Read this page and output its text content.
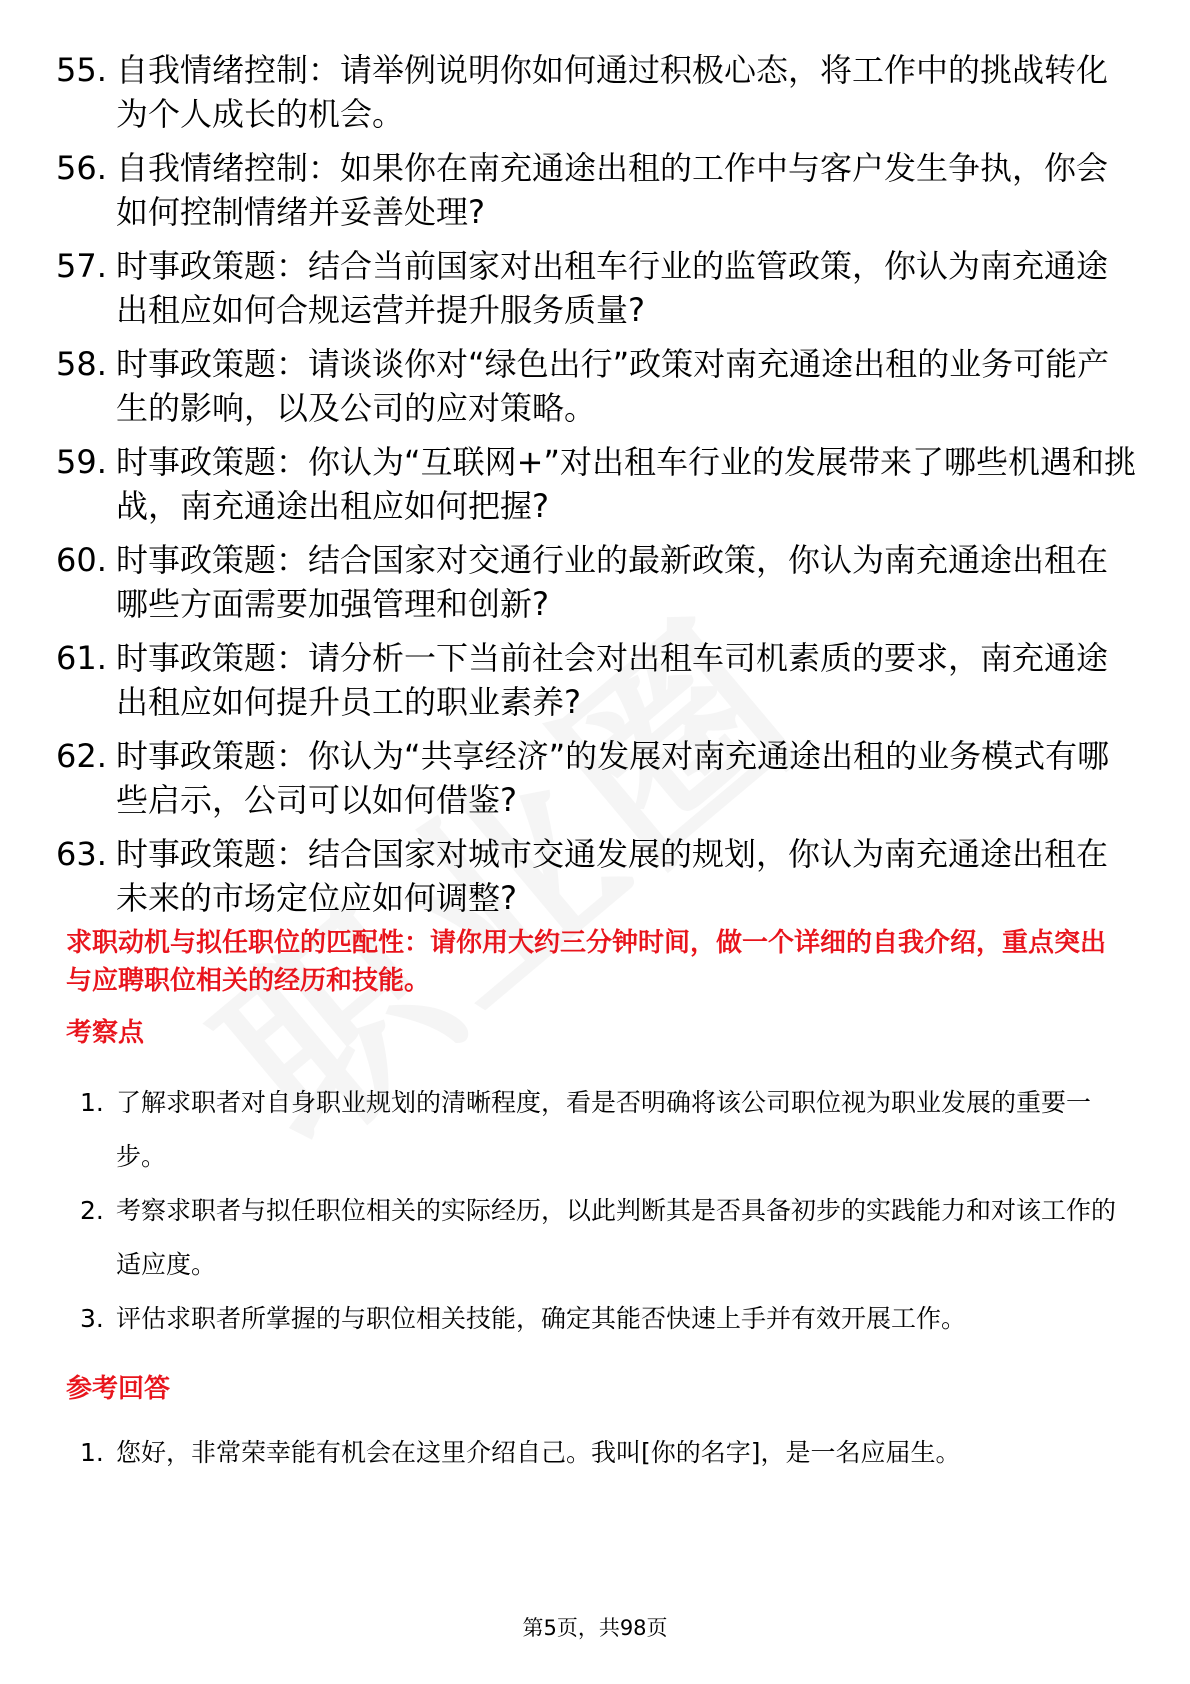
55. 自我情绪控制：请举例说明你如何通过积极心态，将工作中的挑战转化为个人成长的机会。
56. 自我情绪控制：如果你在南充通途出租的工作中与客户发生争执，你会如何控制情绪并妥善处理?
57. 时事政策题：结合当前国家对出租车行业的监管政策，你认为南充通途出租应如何合规运营并提升服务质量?
58. 时事政策题：请谈谈你对“绿色出行”政策对南充通途出租的业务可能产生的影响，以及公司的应对策略。
59. 时事政策题：你认为“互联网+”对出租车行业的发展带来了哪些机遇和挑战，南充通途出租应如何把握?
60. 时事政策题：结合国家对交通行业的最新政策，你认为南充通途出租在哪些方面需要加强管理和创新?
61. 时事政策题：请分析一下当前社会对出租车司机素质的要求，南充通途出租应如何提升员工的职业素养?
62. 时事政策题：你认为“共享经济”的发展对南充通途出租的业务模式有哪些启示，公司可以如何借鉴?
63. 时事政策题：结合国家对城市交通发展的规划，你认为南充通途出租在未来的市场定位应如何调整?
求职动机与拟任职位的匹配性：请你用大约三分钟时间，做一个详细的自我介绍，重点突出与应聘职位相关的经历和技能。
考察点
1. 了解求职者对自身职业规划的清晰程度，看是否明确将该公司职位视为职业发展的重要一步。
2. 考察求职者与拟任职位相关的实际经历，以此判断其是否具备初步的实践能力和对该工作的适应度。
3. 评估求职者所掌握的与职位相关技能，确定其能否快速上手并有效开展工作。
参考回答
1. 您好，非常荣幸能有机会在这里介绍自己。我叫[你的名字]，是一名应届生。
第5页，共98页
